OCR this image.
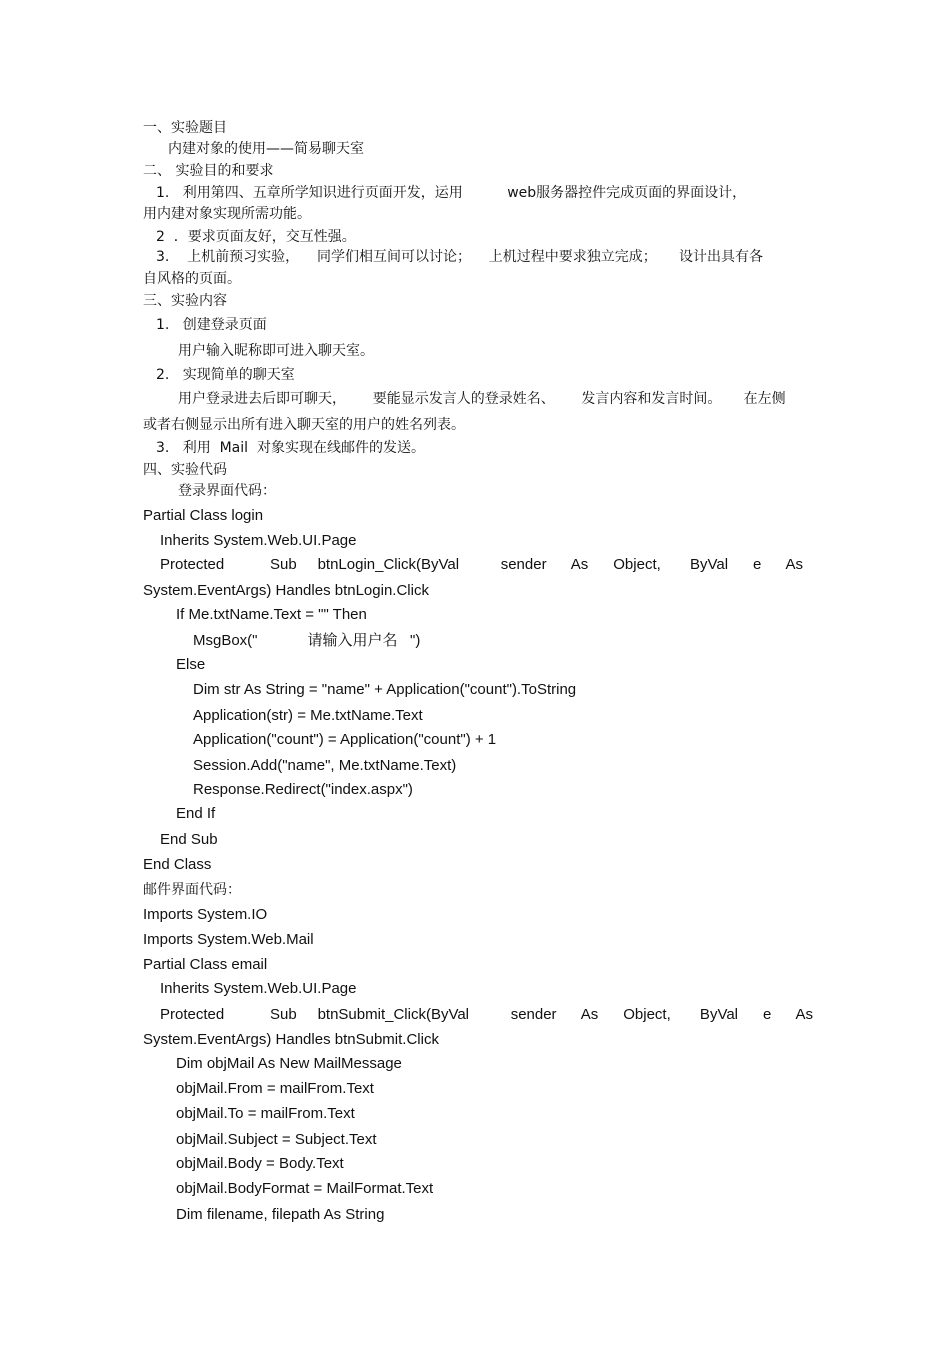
一、实验题目
内建对象的使用——简易聊天室
二、 实验目的和要求
1.   利用第四、五章所学知识进行页面开发，运用          web服务器控件完成页面的界面设计，
用内建对象实现所需功能。
2  ．要求页面友好，交互性强。
3.    上机前预习实验，    同学们相互间可以讨论；    上机过程中要求独立完成；     设计出具有各
自风格的页面。
三、实验内容
1.   创建登录页面
用户输入昵称即可进入聊天室。
2.   实现简单的聊天室
用户登录进去后即可聊天，      要能显示发言人的登录姓名、      发言内容和发言时间。     在左侧
或者右侧显示出所有进入聊天室的用户的姓名列表。
3.   利用  Mail  对象实现在线邮件的发送。
四、实验代码
登录界面代码：
Partial Class login
Inherits System.Web.UI.Page
Protected           Sub     btnLogin_Click(ByVal          sender      As      Object,       ByVal      e      As
System.EventArgs) Handles btnLogin.Click
If Me.txtName.Text = "" Then
MsgBox("            请输入用户名   ")
Else
Dim str As String = "name" + Application("count").ToString
Application(str) = Me.txtName.Text
Application("count") = Application("count") + 1
Session.Add("name", Me.txtName.Text)
Response.Redirect("index.aspx")
End If
End Sub
End Class
邮件界面代码：
Imports System.IO
Imports System.Web.Mail
Partial Class email
Inherits System.Web.UI.Page
Protected           Sub     btnSubmit_Click(ByVal          sender      As      Object,       ByVal      e      As
System.EventArgs) Handles btnSubmit.Click
Dim objMail As New MailMessage
objMail.From = mailFrom.Text
objMail.To = mailFrom.Text
objMail.Subject = Subject.Text
objMail.Body = Body.Text
objMail.BodyFormat = MailFormat.Text
Dim filename, filepath As String
